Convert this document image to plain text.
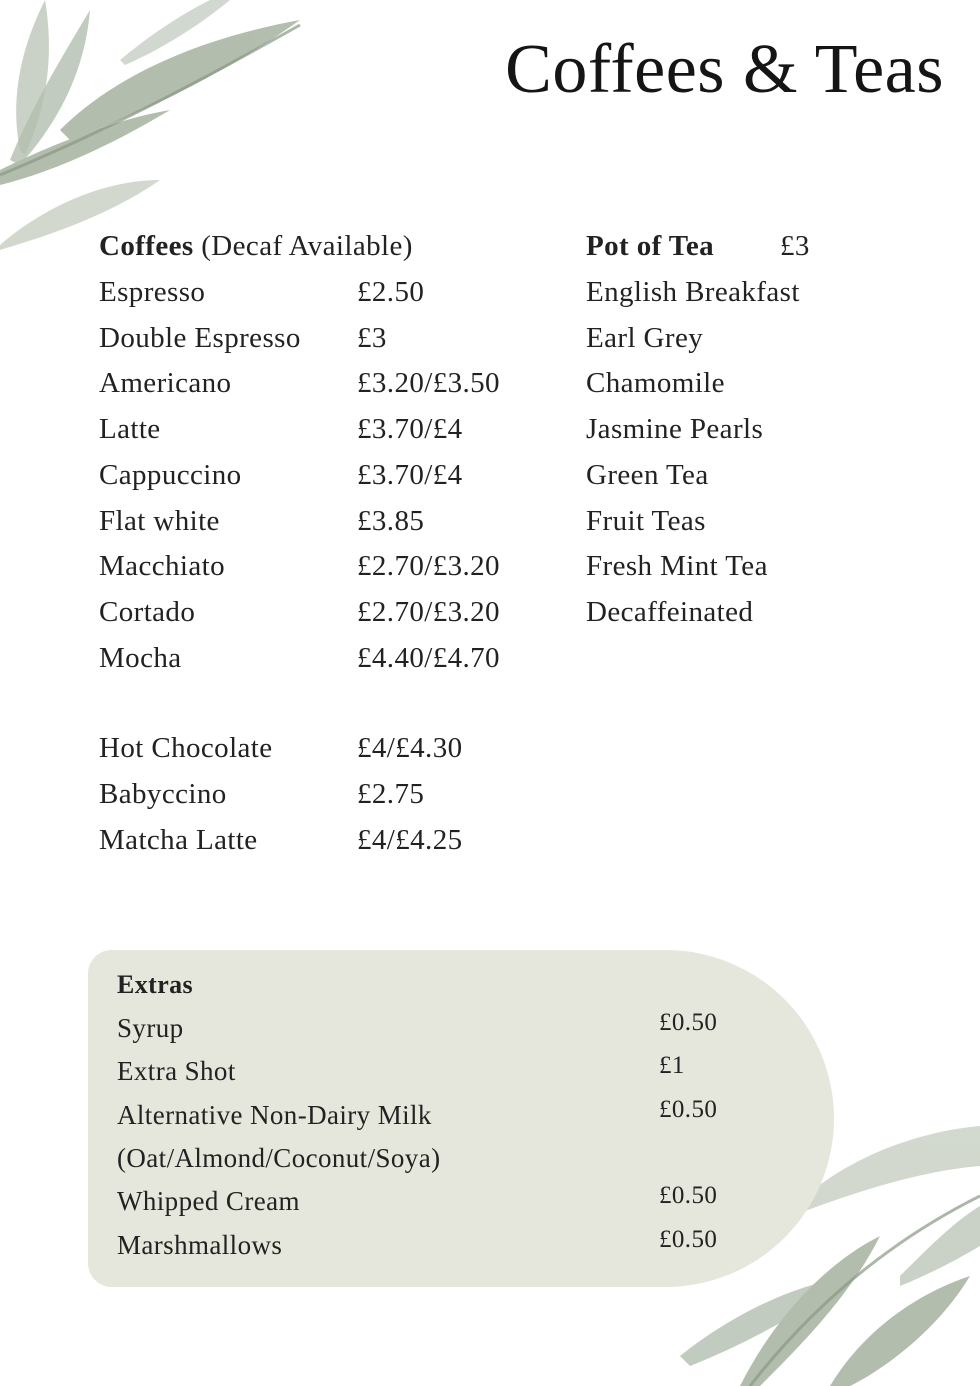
Coffees & Teas
Coffees (Decaf Available)
Espresso	£2.50
Double Espresso £3
Americano	£3.20/£3.50
Latte	£3.70/£4
Cappuccino	£3.70/£4
Flat white	£3.85
Macchiato	£2.70/£3.20
Cortado	£2.70/£3.20
Mocha	£4.40/£4.70
Hot Chocolate	£4/£4.30
Babyccino	£2.75
Matcha Latte	£4/£4.25
Pot of Tea £3
English Breakfast
Earl Grey
Chamomile
Jasmine Pearls
Green Tea
Fruit Teas
Fresh Mint Tea
Decaffeinated
Extras
Syrup	£0.50
Extra Shot	£1
Alternative Non-Dairy Milk	£0.50
(Oat/Almond/Coconut/Soya)
Whipped Cream	£0.50
Marshmallows	£0.50
